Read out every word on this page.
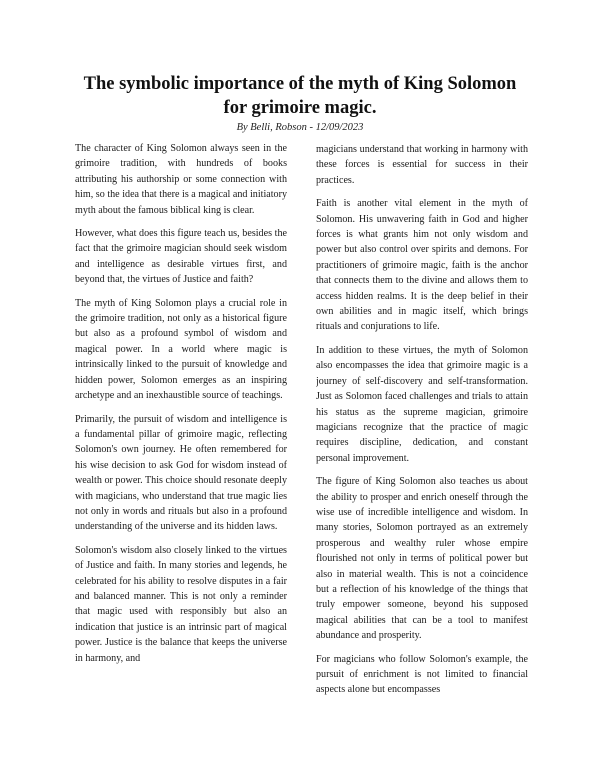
The symbolic importance of the myth of King Solomon for grimoire magic.
By Belli, Robson - 12/09/2023

The character of King Solomon always seen in the grimoire tradition, with hundreds of books attributing his authorship or some connection with him, so the idea that there is a magical and initiatory myth about the famous biblical king is clear.

However, what does this figure teach us, besides the fact that the grimoire magician should seek wisdom and intelligence as desirable virtues first, and beyond that, the virtues of Justice and faith?

The myth of King Solomon plays a crucial role in the grimoire tradition, not only as a historical figure but also as a profound symbol of wisdom and magical power. In a world where magic is intrinsically linked to the pursuit of knowledge and hidden power, Solomon emerges as an inspiring archetype and an inexhaustible source of teachings.

Primarily, the pursuit of wisdom and intelligence is a fundamental pillar of grimoire magic, reflecting Solomon's own journey. He often remembered for his wise decision to ask God for wisdom instead of wealth or power. This choice should resonate deeply with magicians, who understand that true magic lies not only in words and rituals but also in a profound understanding of the universe and its hidden laws.

Solomon's wisdom also closely linked to the virtues of Justice and faith. In many stories and legends, he celebrated for his ability to resolve disputes in a fair and balanced manner. This is not only a reminder that magic used with responsibly but also an indication that justice is an intrinsic part of magical power. Justice is the balance that keeps the universe in harmony, and

magicians understand that working in harmony with these forces is essential for success in their practices.

Faith is another vital element in the myth of Solomon. His unwavering faith in God and higher forces is what grants him not only wisdom and power but also control over spirits and demons. For practitioners of grimoire magic, faith is the anchor that connects them to the divine and allows them to access hidden realms. It is the deep belief in their own abilities and in magic itself, which brings rituals and conjurations to life.

In addition to these virtues, the myth of Solomon also encompasses the idea that grimoire magic is a journey of self-discovery and self-transformation. Just as Solomon faced challenges and trials to attain his status as the supreme magician, grimoire magicians recognize that the practice of magic requires discipline, dedication, and constant personal improvement.

The figure of King Solomon also teaches us about the ability to prosper and enrich oneself through the wise use of incredible intelligence and wisdom. In many stories, Solomon portrayed as an extremely prosperous and wealthy ruler whose empire flourished not only in terms of political power but also in material wealth. This is not a coincidence but a reflection of his knowledge of the things that truly empower someone, beyond his supposed magical abilities that can be a tool to manifest abundance and prosperity.

For magicians who follow Solomon's example, the pursuit of enrichment is not limited to financial aspects alone but encompasses
